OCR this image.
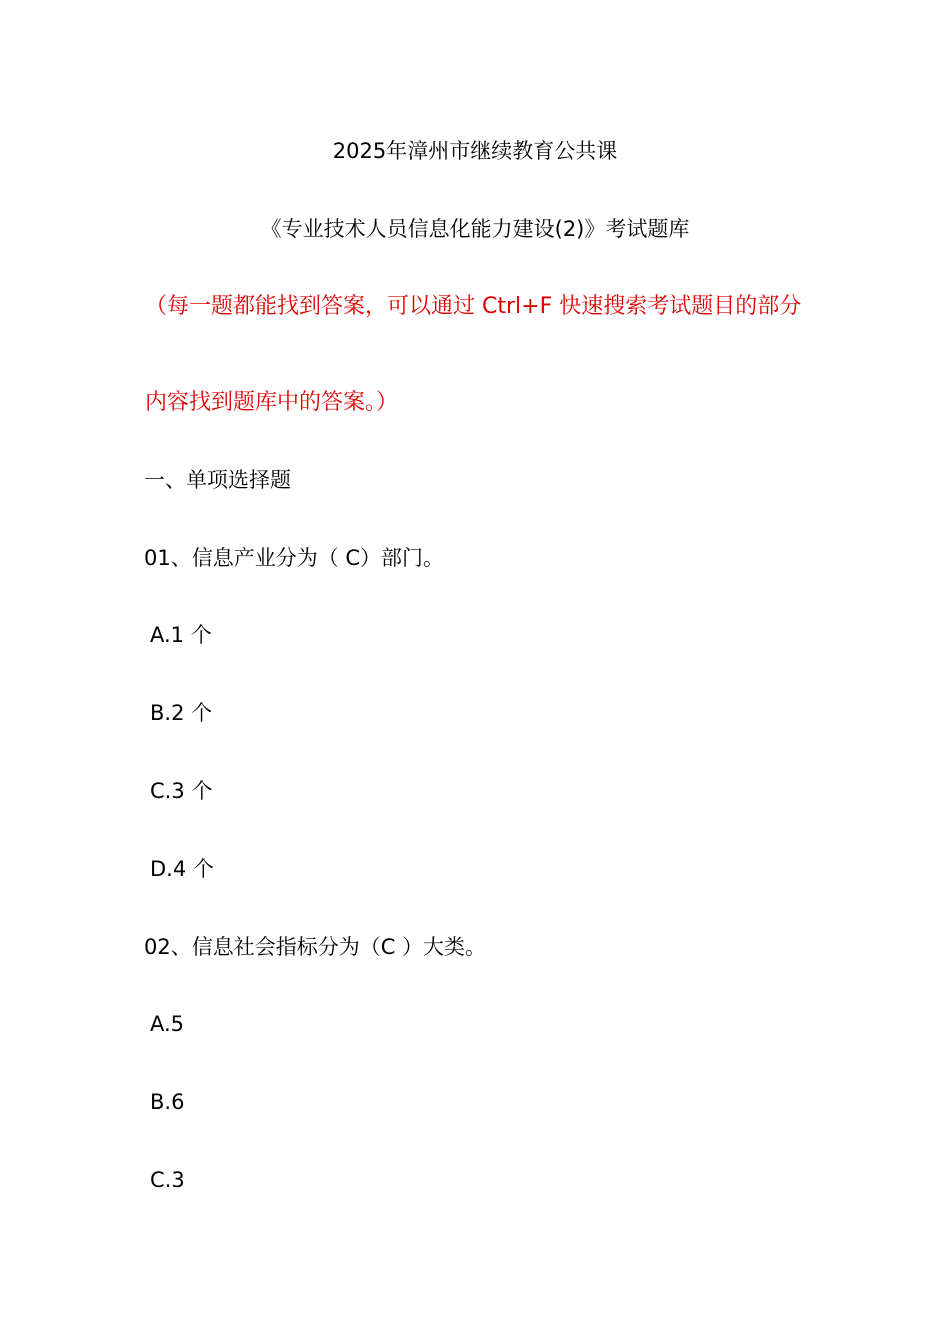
2025年漳州市继续教育公共课
《专业技术人员信息化能力建设(2)》考试题库
（每一题都能找到答案，可以通过 Ctrl+F 快速搜索考试题目的部分
内容找到题库中的答案。）
一、单项选择题
01、信息产业分为（ C）部门。
A.1 个
B.2 个
C.3 个
D.4 个
02、信息社会指标分为（C ）大类。
A.5
B.6
C.3
